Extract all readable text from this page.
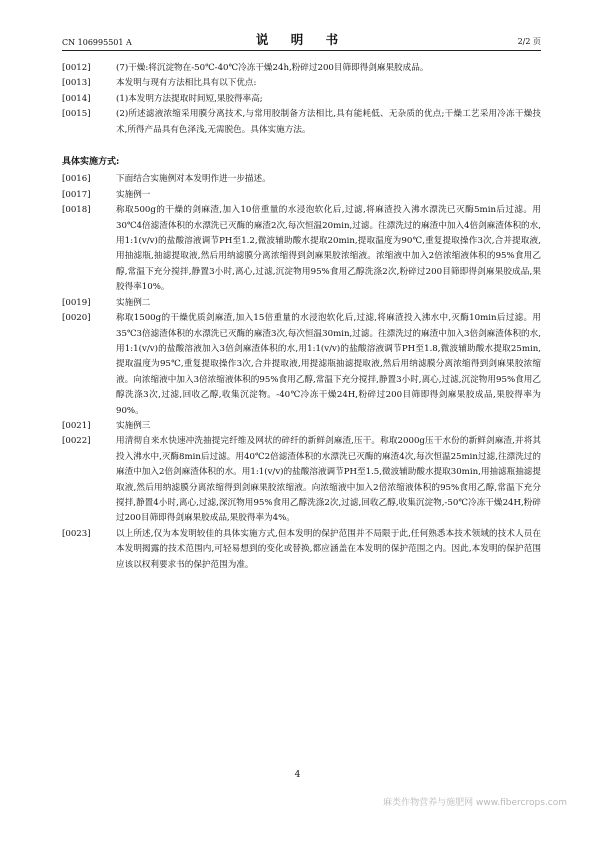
CN 106995501 A	说 明 书	2/2 页

[0012]	(7)干燥:将沉淀物在-50℃-40℃冷冻干燥24h,粉碎过200目筛即得剑麻果胶成品。

[0013]	本发明与现有方法相比具有以下优点:

[0014]	(1)本发明方法提取时间短,果胶得率高;

[0015]	(2)所述滤液浓缩采用膜分离技术,与常用胶制备方法相比,具有能耗低、无杂质的优点;干燥工艺采用冷冻干燥技术,所得产品具有色泽浅,无需脱色。具体实施方法。

具体实施方式:

[0016]	下面结合实施例对本发明作进一步描述。

[0017]	实施例一

[0018]	称取500g的干燥的剑麻渣,加入10倍重量的水浸泡软化后,过滤,将麻渣投入沸水漂洗已灭酶5min后过滤。用30℃4倍滤渣体积的水漂洗已灭酶的麻渣2次,每次恒温20min,过滤。往漂洗过的麻渣中加入4倍剑麻渣体积的水,用1:1(v/v)的盐酸溶液调节PH至1.2,微波辅助酸水提取20min,提取温度为90℃,重复提取操作3次,合并提取液,用抽滤瓶,抽滤提取液,然后用纳滤膜分离浓缩得到剑麻果胶浓缩液。浓缩液中加入2倍浓缩液体积的95%食用乙醇,常温下充分搅拌,静置3小时,离心,过滤,沉淀物用95%食用乙醇洗涤2次,粉碎过200目筛即得剑麻果胶成品,果胶得率10%。

[0019]	实施例二

[0020]	称取1500g的干燥优质剑麻渣,加入15倍重量的水浸泡软化后,过滤,将麻渣投入沸水中,灭酶10min后过滤。用35℃3倍滤渣体积的水漂洗已灭酶的麻渣3次,每次恒温30min,过滤。往漂洗过的麻渣中加入3倍剑麻渣体积的水,用1:1(v/v)的盐酸溶液加入3倍剑麻渣体积的水,用1:1(v/v)的盐酸溶液调节PH至1.8,微波辅助酸水提取25min,提取温度为95℃,重复提取操作3次,合并提取液,用提滤瓶抽滤提取液,然后用纳滤膜分离浓缩得到剑麻果胶浓缩液。向浓缩液中加入3倍浓缩液体积的95%食用乙醇,常温下充分搅拌,静置3小时,离心,过滤,沉淀物用95%食用乙醇洗涤3次,过滤,回收乙醇,收集沉淀物。-40℃冷冻干燥24H,粉碎过200目筛即得剑麻果胶成品,果胶得率为90%。

[0021]	实施例三

[0022]	用清彻自来水快速冲洗抽提完纤维及网状的碎纤的新鲜剑麻渣,压干。称取2000g压干水份的新鲜剑麻渣,并将其投入沸水中,灭酶8min后过滤。用40℃2倍滤渣体积的水漂洗已灭酶的麻渣4次,每次恒温25min过滤,往漂洗过的麻渣中加入2倍剑麻渣体积的水。用1:1(v/v)的盐酸溶液调节PH至1.5,微波辅助酸水提取30min,用抽滤瓶抽滤提取液,然后用纳滤膜分离浓缩得到剑麻果胶浓缩液。向浓缩液中加入2倍浓缩液体积的95%食用乙醇,常温下充分搅拌,静置4小时,离心,过滤,深沉物用95%食用乙醇洗涤2次,过滤,回收乙醇,收集沉淀物,-50℃冷冻干燥24H,粉碎过200目筛即得剑麻果胶成品,果胶得率为4%。

[0023]	以上所述,仅为本发明较佳的具体实施方式,但本发明的保护范围并不局限于此,任何熟悉本技术领域的技术人员在本发明揭露的技术范围内,可轻易想到的变化或替换,都应涵盖在本发明的保护范围之内。因此,本发明的保护范围应该以权利要求书的保护范围为准。

4
麻类作物营养与施肥网 www.fibercrops.com
